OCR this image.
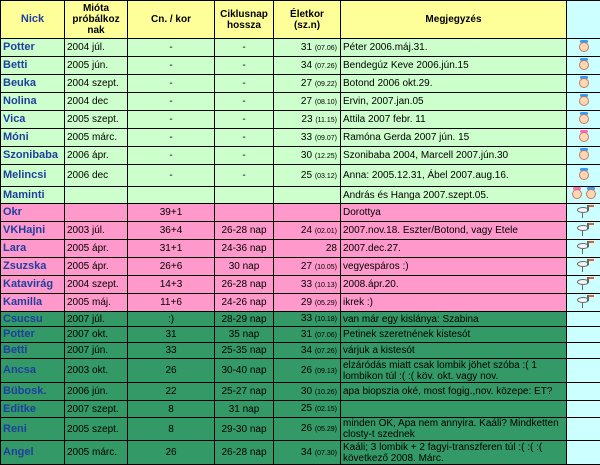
Nick	Mióta próbálkoz nak	Cn. / kor	Ciklusnap hossza	Életkor (sz.n)	Megjegyzés	
Potter	2004 júl.	-	-	31 (07.06)	Péter 2006.máj.31.	

Betti	2005 jún.	-	-	34 (07.26)	Bendegúz Keve 2006.jún.15	

Beuka	2004 szept.	-	-	27 (09.22)	Botond 2006 okt.29.	

Nolina	2004 dec	-	-	27 (08.10)	Ervin, 2007.jan.05	

Vica	2005 szept.	-	-	23 (11.15)	Attila 2007 febr. 11	

Móni	2005 márc.	-	-	33 (09.07)	Ramóna Gerda 2007 jún. 15	

Szonibaba	2006 ápr.	-	-	30 (12.25)	Szonibaba 2004, Marcell 2007.jún.30	

Melincsi	2006 dec	-	-	25 (03.12)	Anna: 2005.12.31, Ábel 2007.aug.16.	

Maminti					András és Hanga 2007.szept.05.	

Okr		39+1			Dorottya	

VKHajni	2003 júl.	36+4	26-28 nap	24 (02.01)	2007.nov.18. Eszter/Botond, vagy Etele	

Lara	2005 ápr.	31+1	24-36 nap	28	2007.dec.27.	

Zsuzska	2005 ápr.	26+6	30 nap	27 (10.05)	vegyespáros :)	

Katavirág	2004 szept.	14+3	26-28 nap	33 (10.13)	2008.ápr.20.	

Kamilla	2005 máj.	11+6	24-26 nap	29 (05.29)	ikrek :)	

Csucsu	2007 júl.	:)	28-29 nap	33 (10.18)	van már egy kislánya: Szabina	
Potter	2007 okt.	31	35 nap	31 (07.06)	Petinek szeretnének kistesót	
Betti	2007 jún.	33	25-35 nap	34 (07.26)	várjuk a kistesót	
Ancsa	2003 okt.	26	30-40 nap	26 (09.13)	elzáródás miatt csak lombik jöhet szóba :( 1 lombikon túl :( :( köv. okt. vagy nov.	
Bübosk.	2006 jún.	22	25-27 nap	30 (10.26)	apa biopszia oké, most fogig.,nov. közepe: ET?	
Editke	2007 szept.	8	31 nap	25 (02.15)		
Reni	2005 szept.	8	29-30 nap	26 (05.29)	minden OK, Apa nem annyira. Kaáli? Mindketten closty-t szednek	
Angel	2005 márc.	26	26-28 nap	34 (07.30)	Kaáli; 3 lombik + 2 fagyi-transzferen túl :( :( :( következő 2008. Márc.	
